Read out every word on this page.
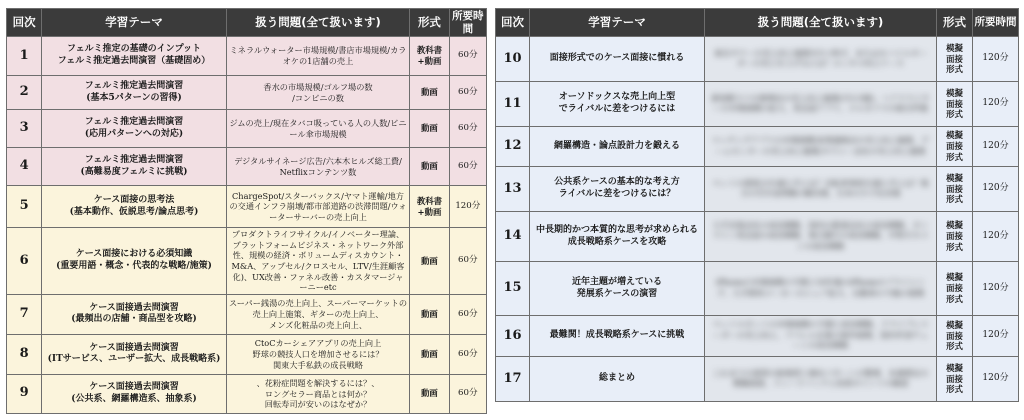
回次	学習テーマ	扱う問題(全て扱います)	形式	所要時間
1	フェルミ推定の基礎のインプット
フェルミ推定過去問演習（基礎固め）	ミネラルウォーター市場規模/書店市場規模/カラオケの1店舗の売上	教科書
+動画	60分
2	フェルミ推定過去問演習
(基本5パターンの習得)	香水の市場規模/ゴルフ場の数
/コンビニの数	動画	60分
3	フェルミ推定過去問演習
(応用パターンへの対応)	ジムの売上/現在タバコ吸っている人の人数/ビニール傘市場規模	動画	60分
4	フェルミ推定過去問演習
(高難易度フェルミに挑戦)	デジタルサイネージ広告/六本木ヒルズ総工費/
Netflixコンテンツ数	動画	60分
5	ケース面接の思考法
(基本動作、仮説思考/論点思考)	ChargeSpot/スターバックス/ヤマト運輸/地方の交通インフラ崩壊/都市部道路の渋滞問題/ウォーターサーバーの売上向上	教科書
+動画	120分
6	ケース面接における必須知識
(重要用語・概念・代表的な戦略/施策)	プロダクトライフサイクル/イノベーター理論、プラットフォームビジネス・ネットワーク外部性、規模の経済・ボリュームディスカウント・M&A、アップセル/クロスセル、LTV/生涯顧客化)、UX改善・ファネル改善・カスタマージャーニーetc	動画	60分
7	ケース面接過去問演習
(最頻出の店舗・商品型を攻略)	スーパー銭湯の売上向上、スーパーマーケットの売上向上施策、ギターの売上向上、
メンズ化粧品の売上向上、	動画	60分
8	ケース面接過去問演習
(ITサービス、ユーザー拡大、成長戦略系)	CtoCカーシェアアプリの売上向上
野球の競技人口を増加させるには？
関東大手私鉄の成長戦略	動画	60分
9	ケース面接過去問演習
(公共系、網羅構造系、抽象系)	、花粉症問題を解決するには？、
ロングセラー商品とは何か？
回転寿司が安いのはなぜか？	動画	60分
回次	学習テーマ	扱う問題(全て扱います)	形式	所要時間
10	面接形式でのケース面接に慣れる	東京タワーの売上向上施策を5つ挙げ、またはモバイルオーダーの売上を上げるには？エンタメ向上ケース	模擬
面接
形式	120分
11	オーソドックスな売上向上型
でライバルに差をつけるには	新宿駅スマホ修理店の売上向上施策(月3.5億)、ヘアドライヤーの市場規模の拡大、英会話アプリ、メルカリでの取引件数	模擬
面接
形式	120分
12	網羅構造・論点設計力を鍛える	マッチングアプリの市場規模/家電量販店の売上向上施策、ゲームセンターの売上向上施策/タクシー会社の売上向上施策	模擬
面接
形式	120分
13	公共系ケースの基本的な考え方
ライバルに差をつけるには？	ペットの殺処分を減らすには？自転車事故を減らすには？地方の空き家問題の解決策、日本の少子化対策	模擬
面接
形式	120分
14	中長期的かつ本質的な思考が求められる
成長戦略系ケースを攻略	大手音楽会社の成長戦略、国内の鉄道会社の成長戦略、オンライン英会話の成長戦略、地方銀行の成長戦略、中堅ゼネコンの成長戦略	模擬
面接
形式	120分
15	近年主題が増えている
発展系ケースの演習	iPhoneの市場規模の予測と10年後のiPhoneのプライシング、大手飲料メーカーのシェア拡大、自動車の今後の展開	模擬
面接
形式	120分
16	最難関！成長戦略系ケースに挑戦	ペットロボットの市場規模の予測と成長戦略、ドライブレコーダーの売上向上、アパレル企業の海外展開、国内外食チェーンの成長戦略	模擬
面接
形式	120分
17	総まとめ	これまでの演習の総復習と頻出パターンの整理、本番想定の模擬面接、フィードバックと改善ポイントの確認	模擬
面接
形式	120分
